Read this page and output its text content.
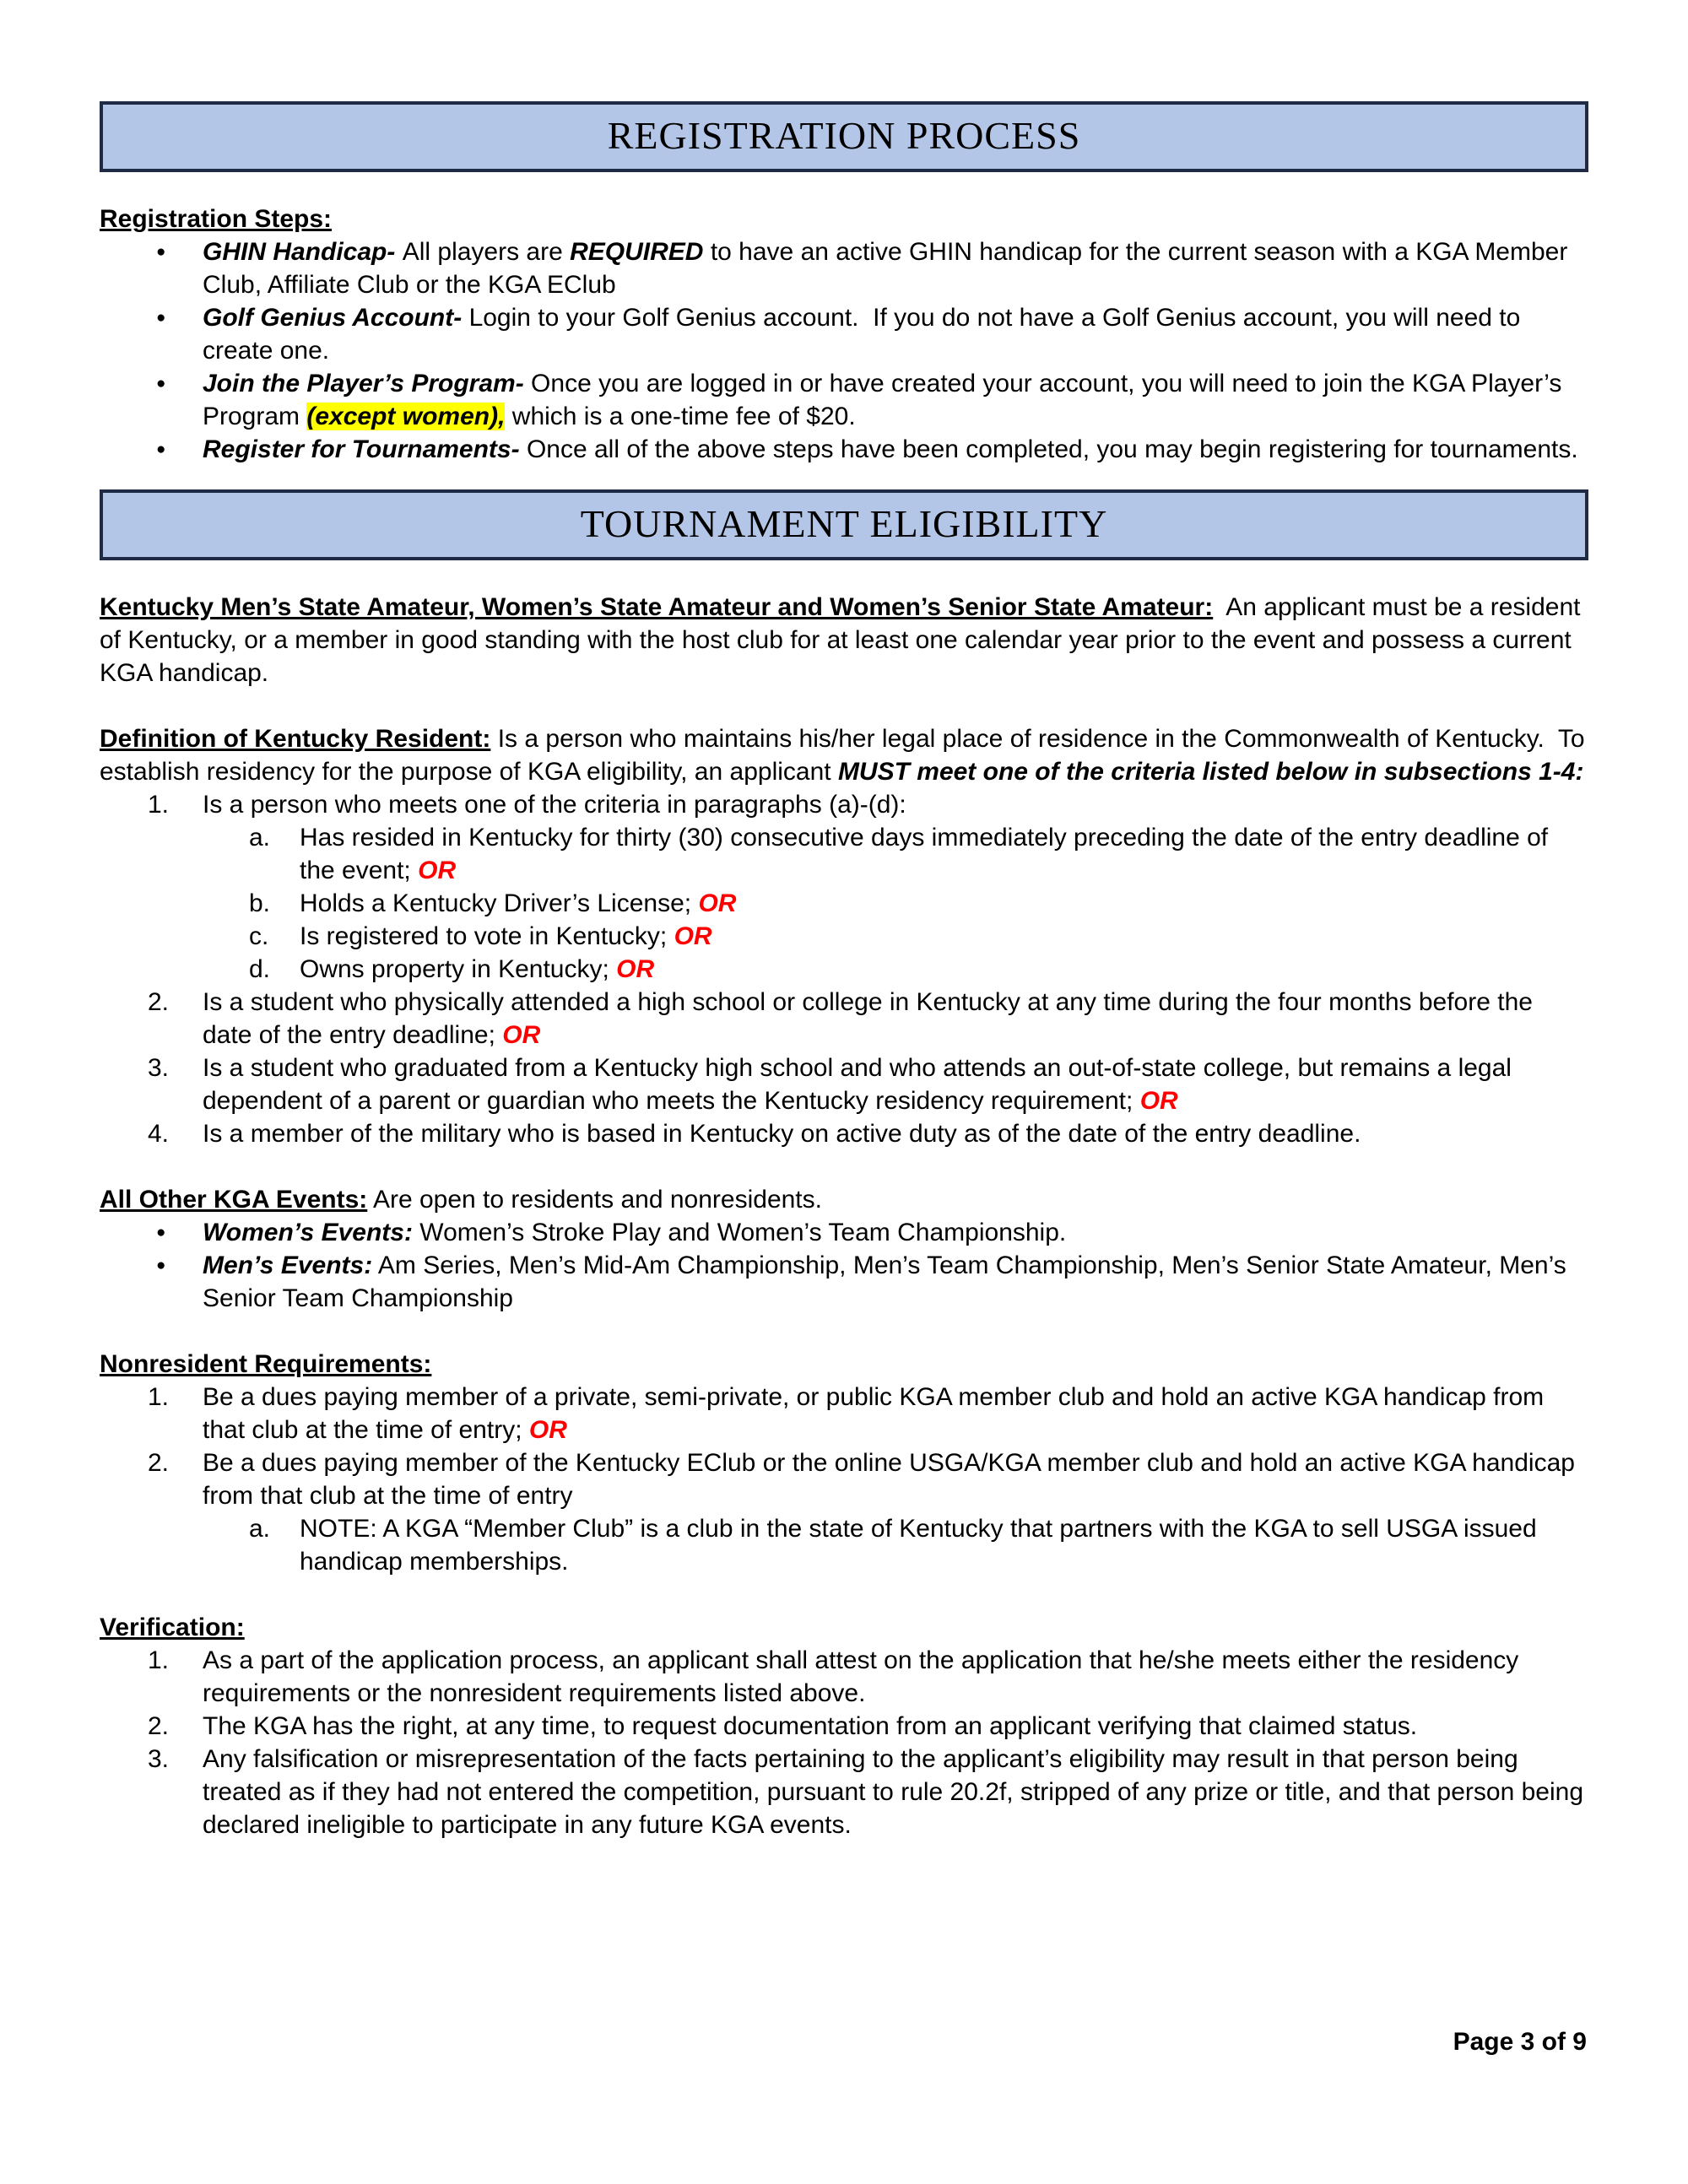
REGISTRATION PROCESS

Registration Steps:

●	GHIN Handicap- All players are REQUIRED to have an active GHIN handicap for the current season with a KGA Member Club, Affiliate Club or the KGA EClub
●	Golf Genius Account- Login to your Golf Genius account.  If you do not have a Golf Genius account, you will need to create one.
●	Join the Player’s Program- Once you are logged in or have created your account, you will need to join the KGA Player’s Program (except women), which is a one-time fee of $20.
●	Register for Tournaments- Once all of the above steps have been completed, you may begin registering for tournaments.
TOURNAMENT ELIGIBILITY

Kentucky Men’s State Amateur, Women’s State Amateur and Women’s Senior State Amateur:  An applicant must be a resident of Kentucky, or a member in good standing with the host club for at least one calendar year prior to the event and possess a current KGA handicap.

Definition of Kentucky Resident: Is a person who maintains his/her legal place of residence in the Commonwealth of Kentucky.  To establish residency for the purpose of KGA eligibility, an applicant MUST meet one of the criteria listed below in subsections 1-4:

1.	Is a person who meets one of the criteria in paragraphs (a)-(d):
a.	Has resided in Kentucky for thirty (30) consecutive days immediately preceding the date of the entry deadline of the event; OR
b.	Holds a Kentucky Driver’s License; OR
c.	Is registered to vote in Kentucky; OR
d.	Owns property in Kentucky; OR
2.	Is a student who physically attended a high school or college in Kentucky at any time during the four months before the date of the entry deadline; OR
3.	Is a student who graduated from a Kentucky high school and who attends an out-of-state college, but remains a legal dependent of a parent or guardian who meets the Kentucky residency requirement; OR
4.	Is a member of the military who is based in Kentucky on active duty as of the date of the entry deadline.

All Other KGA Events: Are open to residents and nonresidents.

●	Women’s Events: Women’s Stroke Play and Women’s Team Championship.
●	Men’s Events: Am Series, Men’s Mid-Am Championship, Men’s Team Championship, Men’s Senior State Amateur, Men’s Senior Team Championship

Nonresident Requirements:

1.	Be a dues paying member of a private, semi-private, or public KGA member club and hold an active KGA handicap from that club at the time of entry; OR
2.	Be a dues paying member of the Kentucky EClub or the online USGA/KGA member club and hold an active KGA handicap from that club at the time of entry
a.	NOTE: A KGA “Member Club” is a club in the state of Kentucky that partners with the KGA to sell USGA issued handicap memberships.

Verification:

1.	As a part of the application process, an applicant shall attest on the application that he/she meets either the residency requirements or the nonresident requirements listed above.
2.	The KGA has the right, at any time, to request documentation from an applicant verifying that claimed status.
3.	Any falsification or misrepresentation of the facts pertaining to the applicant’s eligibility may result in that person being treated as if they had not entered the competition, pursuant to rule 20.2f, stripped of any prize or title, and that person being declared ineligible to participate in any future KGA events.
Page 3 of 9
